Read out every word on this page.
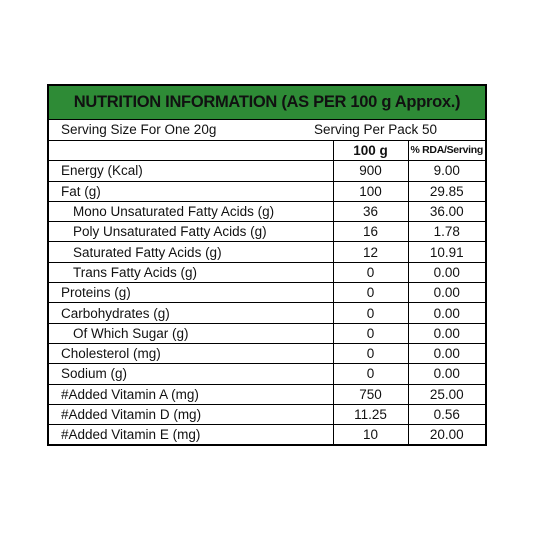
NUTRITION INFORMATION (AS PER 100 g Approx.)
Serving Size For One 20g	Serving Per Pack 50
	100 g	% RDA/Serving
Energy (Kcal)	900	9.00
Fat (g)	100	29.85
Mono Unsaturated Fatty Acids (g)	36	36.00
Poly Unsaturated Fatty Acids (g)	16	1.78
Saturated Fatty Acids (g)	12	10.91
Trans Fatty Acids (g)	0	0.00
Proteins (g)	0	0.00
Carbohydrates (g)	0	0.00
Of Which Sugar (g)	0	0.00
Cholesterol (mg)	0	0.00
Sodium (g)	0	0.00
#Added Vitamin A (mg)	750	25.00
#Added Vitamin D (mg)	11.25	0.56
#Added Vitamin E (mg)	10	20.00
